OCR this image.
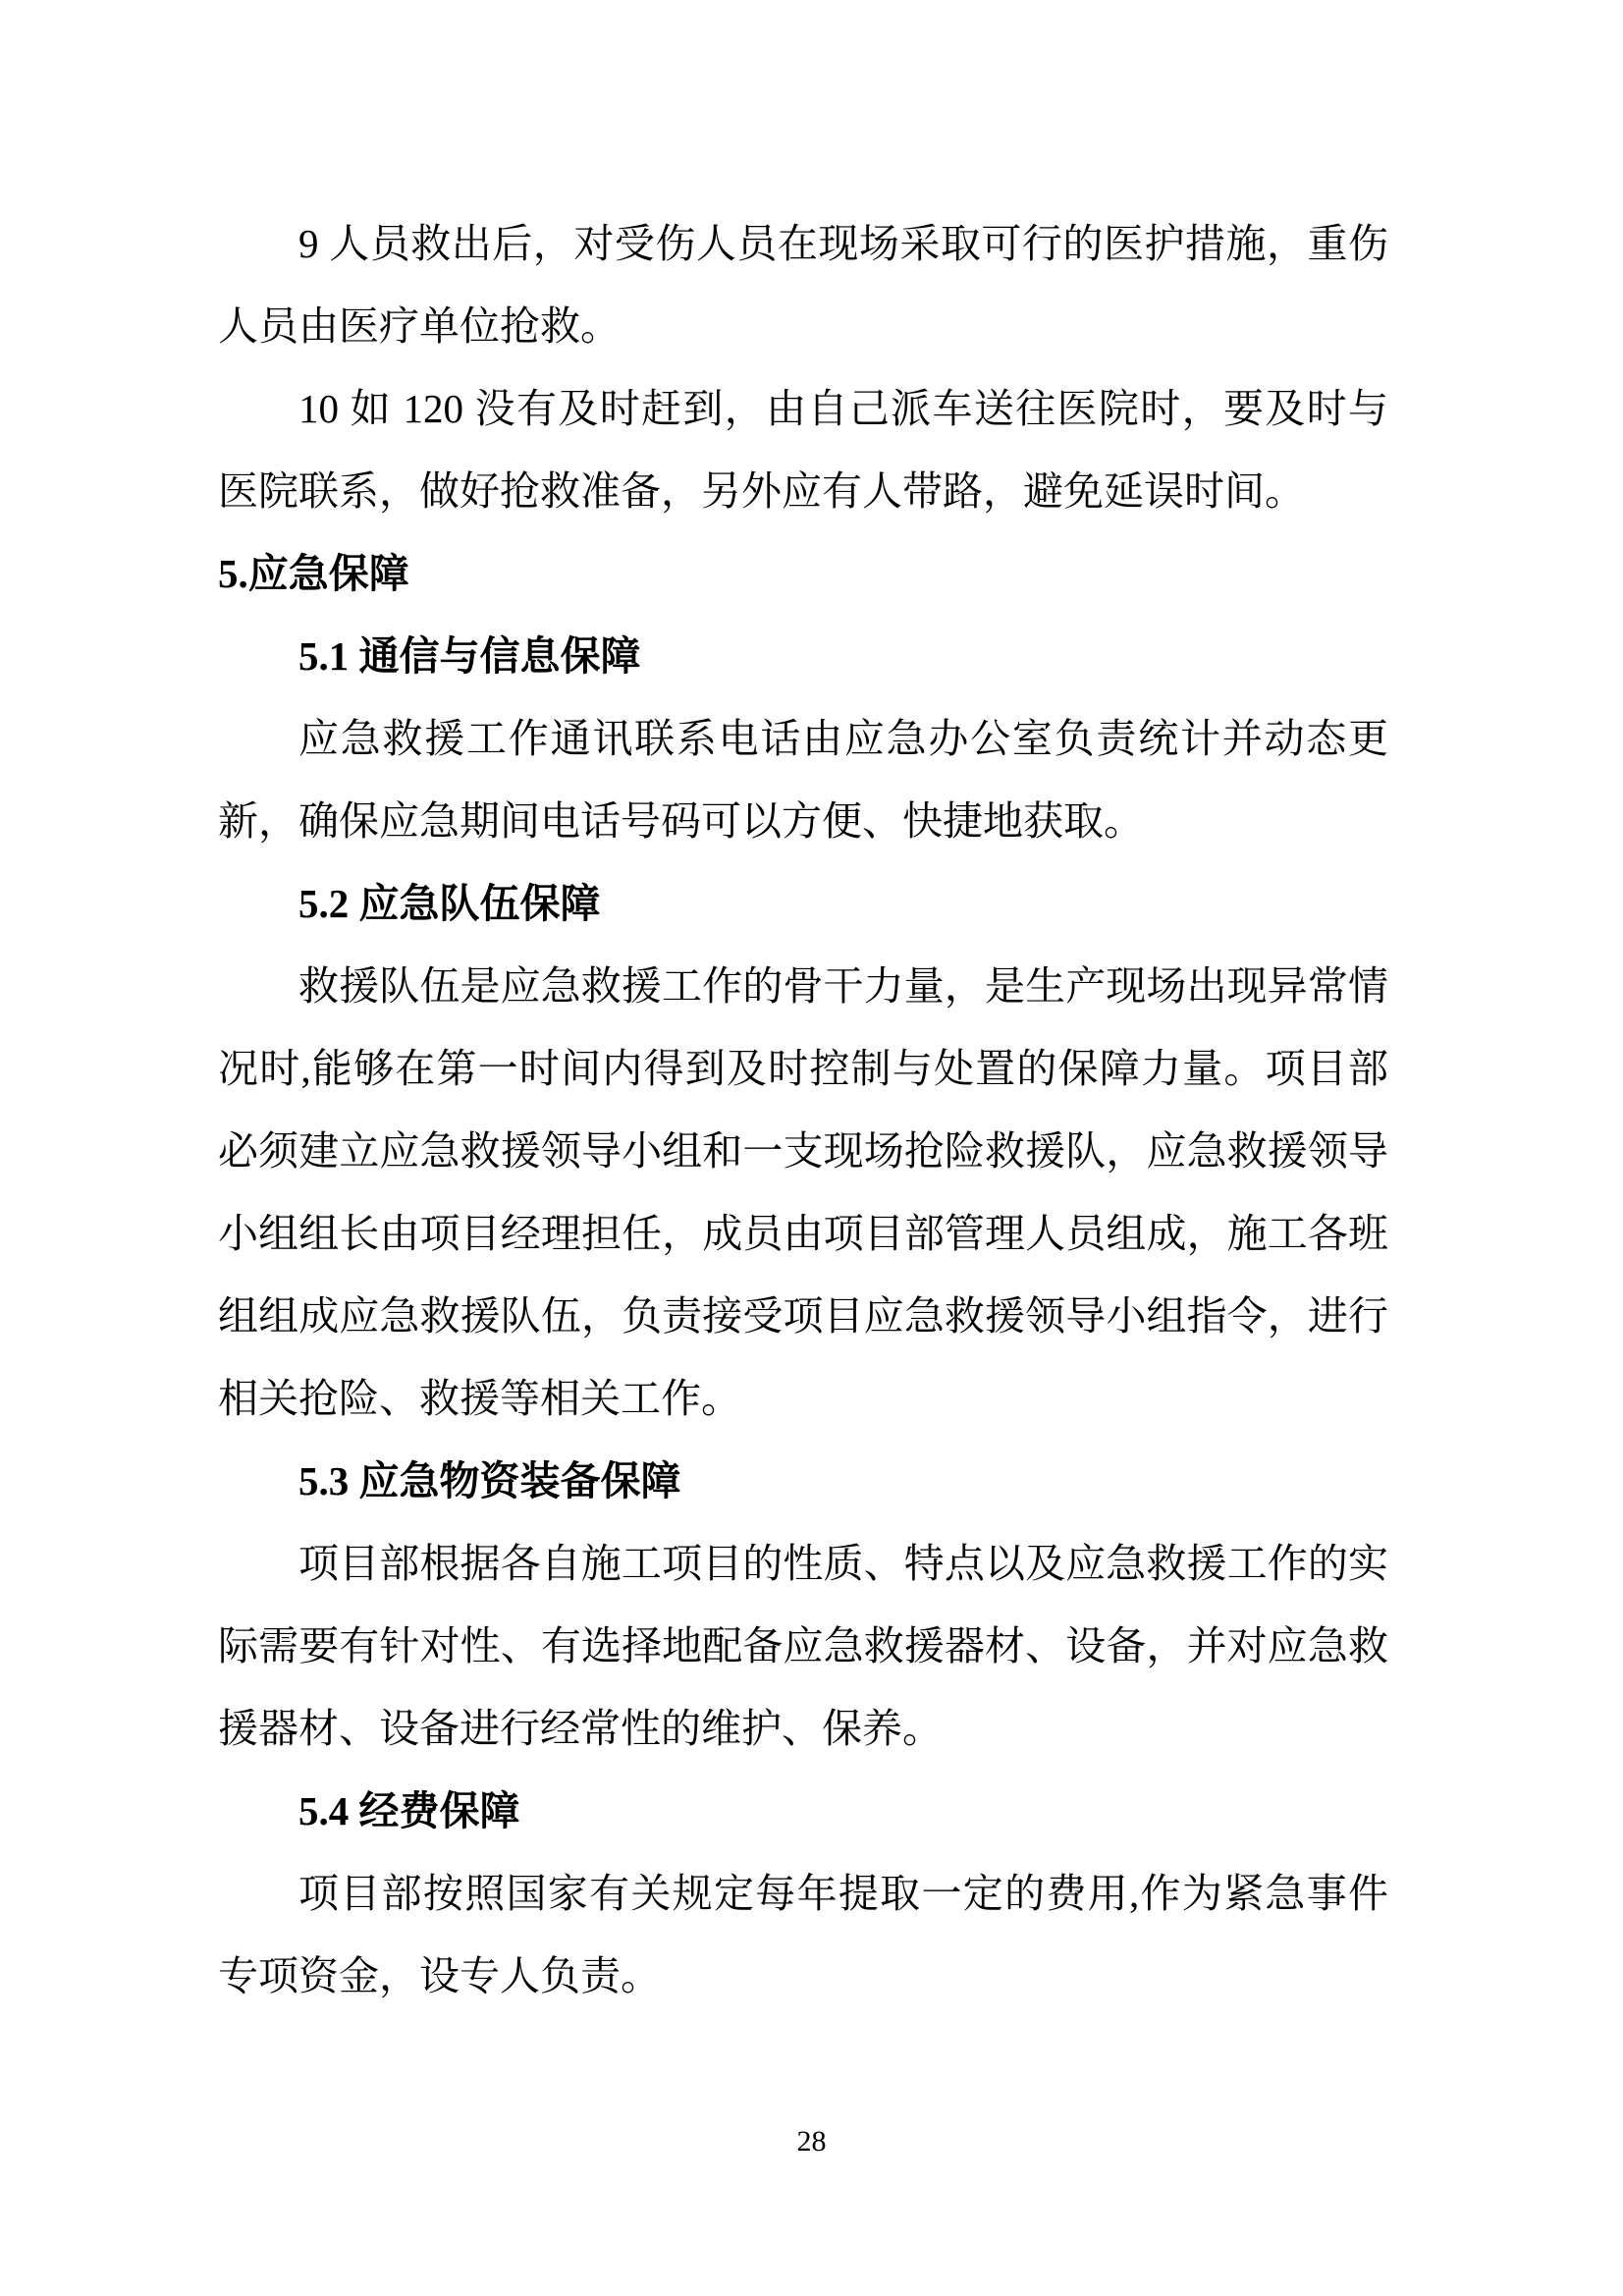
9 人员救出后，对受伤人员在现场采取可行的医护措施，重伤人员由医疗单位抢救。
10 如 120 没有及时赶到，由自己派车送往医院时，要及时与医院联系，做好抢救准备，另外应有人带路，避免延误时间。
5.应急保障
5.1 通信与信息保障
应急救援工作通讯联系电话由应急办公室负责统计并动态更新，确保应急期间电话号码可以方便、快捷地获取。
5.2 应急队伍保障
救援队伍是应急救援工作的骨干力量，是生产现场出现异常情况时,能够在第一时间内得到及时控制与处置的保障力量。项目部必须建立应急救援领导小组和一支现场抢险救援队，应急救援领导小组组长由项目经理担任，成员由项目部管理人员组成，施工各班组组成应急救援队伍，负责接受项目应急救援领导小组指令，进行相关抢险、救援等相关工作。
5.3 应急物资装备保障
项目部根据各自施工项目的性质、特点以及应急救援工作的实际需要有针对性、有选择地配备应急救援器材、设备，并对应急救援器材、设备进行经常性的维护、保养。
5.4 经费保障
项目部按照国家有关规定每年提取一定的费用,作为紧急事件专项资金，设专人负责。
28
